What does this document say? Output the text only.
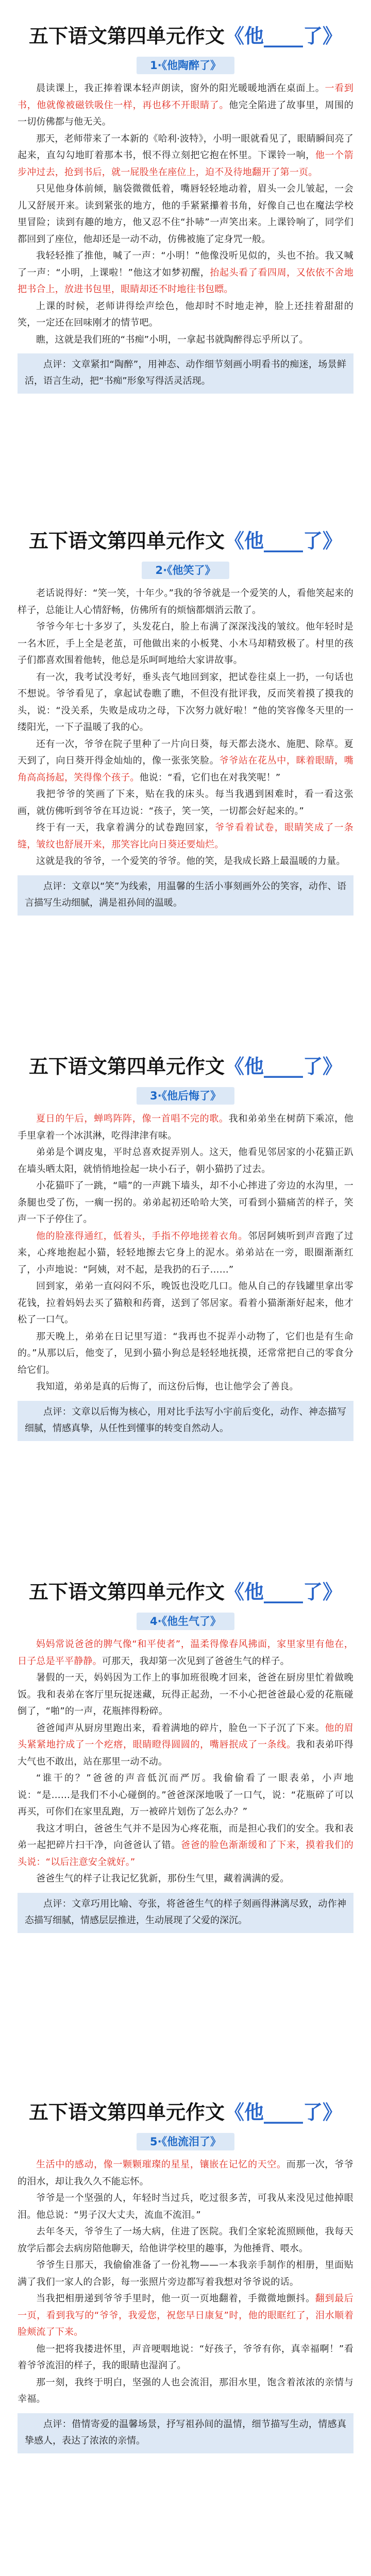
五下语文第四单元作文《他____了》
1·《他陶醉了》

晨读课上，我正捧着课本轻声朗读，窗外的阳光暖暖地洒在桌面上。一看到书，他就像被磁铁吸住一样，再也移不开眼睛了。他完全陷进了故事里，周围的一切仿佛都与他无关。

那天，老师带来了一本新的《哈利·波特》，小明一眼就看见了，眼睛瞬间亮了起来，直勾勾地盯着那本书，恨不得立刻把它抱在怀里。下课铃一响，他一个箭步冲过去，抢到书后，就一屁股坐在座位上，迫不及待地翻开了第一页。

只见他身体前倾，脑袋微微低着，嘴唇轻轻地动着，眉头一会儿皱起，一会儿又舒展开来。读到紧张的地方，他的手紧紧攥着书角，好像自己也在魔法学校里冒险；读到有趣的地方，他又忍不住“扑哧”一声笑出来。上课铃响了，同学们都回到了座位，他却还是一动不动，仿佛被施了定身咒一般。

我轻轻推了推他，喊了一声：“小明！”他像没听见似的，头也不抬。我又喊了一声：“小明，上课啦！”他这才如梦初醒，抬起头看了看四周，又依依不舍地把书合上，放进书包里，眼睛却还不时地往书包瞟。

上课的时候，老师讲得绘声绘色，他却时不时地走神，脸上还挂着甜甜的笑，一定还在回味刚才的情节吧。

瞧，这就是我们班的“书痴”小明，一拿起书就陶醉得忘乎所以了。

点评：文章紧扣“陶醉”，用神态、动作细节刻画小明看书的痴迷，场景鲜活，语言生动，把“书痴”形象写得活灵活现。
五下语文第四单元作文《他____了》
2·《他笑了》

老话说得好：“笑一笑，十年少。”我的爷爷就是一个爱笑的人，看他笑起来的样子，总能让人心情舒畅，仿佛所有的烦恼都烟消云散了。

爷爷今年七十多岁了，头发花白，脸上布满了深深浅浅的皱纹。他年轻时是一名木匠，手上全是老茧，可他做出来的小板凳、小木马却精致极了。村里的孩子们都喜欢围着他转，他总是乐呵呵地给大家讲故事。

有一次，我考试没考好，垂头丧气地回到家，把试卷往桌上一扔，一句话也不想说。爷爷看见了，拿起试卷瞧了瞧，不但没有批评我，反而笑着摸了摸我的头，说：“没关系，失败是成功之母，下次努力就好啦！”他的笑容像冬天里的一缕阳光，一下子温暖了我的心。

还有一次，爷爷在院子里种了一片向日葵，每天都去浇水、施肥、除草。夏天到了，向日葵开得金灿灿的，像一张张笑脸。爷爷站在花丛中，眯着眼睛，嘴角高高扬起，笑得像个孩子。他说：“看，它们也在对我笑呢！”

我把爷爷的笑画了下来，贴在我的床头。每当我遇到困难时，看一看这张画，就仿佛听到爷爷在耳边说：“孩子，笑一笑，一切都会好起来的。”

终于有一天，我拿着满分的试卷跑回家，爷爷看着试卷，眼睛笑成了一条缝，皱纹也舒展开来，那笑容比向日葵还要灿烂。

这就是我的爷爷，一个爱笑的爷爷。他的笑，是我成长路上最温暖的力量。

点评：文章以“笑”为线索，用温馨的生活小事刻画外公的笑容，动作、语言描写生动细腻，满是祖孙间的温暖。
五下语文第四单元作文《他____了》
3·《他后悔了》

夏日的午后，蝉鸣阵阵，像一首唱不完的歌。我和弟弟坐在树荫下乘凉，他手里拿着一个冰淇淋，吃得津津有味。

弟弟是个调皮鬼，平时总喜欢捉弄别人。这天，他看见邻居家的小花猫正趴在墙头晒太阳，就悄悄地捡起一块小石子，朝小猫扔了过去。

小花猫吓了一跳，“喵”的一声跳下墙头，却不小心摔进了旁边的水沟里，一条腿也受了伤，一瘸一拐的。弟弟起初还哈哈大笑，可看到小猫痛苦的样子，笑声一下子停住了。

他的脸涨得通红，低着头，手指不停地搓着衣角。邻居阿姨听到声音跑了过来，心疼地抱起小猫，轻轻地擦去它身上的泥水。弟弟站在一旁，眼圈渐渐红了，小声地说：“阿姨，对不起，是我扔的石子……”

回到家，弟弟一直闷闷不乐，晚饭也没吃几口。他从自己的存钱罐里拿出零花钱，拉着妈妈去买了猫粮和药膏，送到了邻居家。看着小猫渐渐好起来，他才松了一口气。

那天晚上，弟弟在日记里写道：“我再也不捉弄小动物了，它们也是有生命的。”从那以后，他变了，见到小猫小狗总是轻轻地抚摸，还常常把自己的零食分给它们。

我知道，弟弟是真的后悔了，而这份后悔，也让他学会了善良。

点评：文章以后悔为核心，用对比手法写小宇前后变化，动作、神态描写细腻，情感真挚，从任性到懂事的转变自然动人。
五下语文第四单元作文《他____了》
4·《他生气了》

妈妈常说爸爸的脾气像“和平使者”，温柔得像春风拂面，家里家里有他在，日子总是平平静静。可那天，我却第一次见到了爸爸生气的样子。

暑假的一天，妈妈因为工作上的事加班很晚才回来，爸爸在厨房里忙着做晚饭。我和表弟在客厅里玩捉迷藏，玩得正起劲，一不小心把爸爸最心爱的花瓶碰倒了，“啪”的一声，花瓶摔得粉碎。

爸爸闻声从厨房里跑出来，看着满地的碎片，脸色一下子沉了下来。他的眉头紧紧地拧成了一个疙瘩，眼睛瞪得圆圆的，嘴唇抿成了一条线。我和表弟吓得大气也不敢出，站在那里一动不动。

“谁干的？”爸爸的声音低沉而严厉。我偷偷看了一眼表弟，小声地说：“是……是我们不小心碰倒的。”爸爸深深地吸了一口气，说：“花瓶碎了可以再买，可你们在家里乱跑，万一被碎片划伤了怎么办？”

我这才明白，爸爸生气并不是因为心疼花瓶，而是担心我们的安全。我和表弟一起把碎片扫干净，向爸爸认了错。爸爸的脸色渐渐缓和了下来，摸着我们的头说：“以后注意安全就好。”

爸爸生气的样子让我记忆犹新，那份生气里，藏着满满的爱。

点评：文章巧用比喻、夸张，将爸爸生气的样子刻画得淋漓尽致，动作神态描写细腻，情感层层推进，生动展现了父爱的深沉。
五下语文第四单元作文《他____了》
5·《他流泪了》

生活中的感动，像一颗颗璀璨的星星，镶嵌在记忆的天空。而那一次，爷爷的泪水，却让我久久不能忘怀。

爷爷是一个坚强的人，年轻时当过兵，吃过很多苦，可我从来没见过他掉眼泪。他总说：“男子汉大丈夫，流血不流泪。”

去年冬天，爷爷生了一场大病，住进了医院。我们全家轮流照顾他，我每天放学后都会去病房陪他聊天，给他讲学校里的趣事，为他捶背、喂水。

爷爷生日那天，我偷偷准备了一份礼物——一本我亲手制作的相册，里面贴满了我们一家人的合影，每一张照片旁边都写着我想对爷爷说的话。

当我把相册递到爷爷手里时，他一页一页地翻着，手微微地颤抖。翻到最后一页，看到我写的“爷爷，我爱您，祝您早日康复”时，他的眼眶红了，泪水顺着脸颊流了下来。

他一把将我搂进怀里，声音哽咽地说：“好孩子，爷爷有你，真幸福啊！”看着爷爷流泪的样子，我的眼睛也湿润了。

那一刻，我终于明白，坚强的人也会流泪，那泪水里，饱含着浓浓的亲情与幸福。

点评：借情寄爱的温馨场景，抒写祖孙间的温情，细节描写生动，情感真挚感人，表达了浓浓的亲情。
